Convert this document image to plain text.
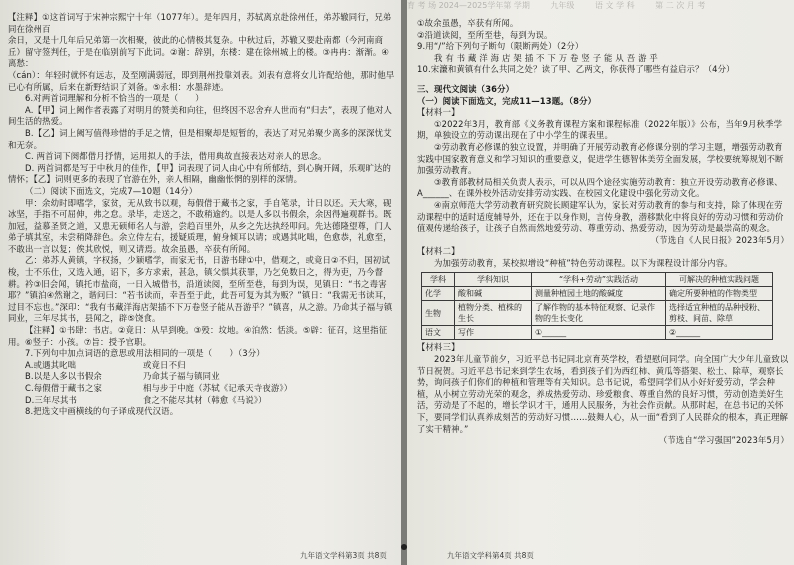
【注释】①这首词写于宋神宗熙宁十年（1077年）。是年四月，苏轼离京赴徐州任，弟苏辙同行，兄弟同在徐州百

余日，又是十几年后兄弟第一次相聚，彼此的心情极其复杂。中秋过后，苏辙又要赴南都（今河南商丘）留守签判任，于是在临别前写下此词。②谢：辞别，东楼：建在徐州城上的楼。③冉冉：渐渐。④离愁：

（cán）：年轻时就怀有远志，及至刚满弱冠，即到荆州投靠刘表。刘表有意将女儿许配给他，那时他早已心有所属，后来在新野结识了刘备。⑤永相：水墨辞迹。

6.对两首词理解和分析不恰当的一项是（　　）

A.【甲】词上阙作者表露了对明月的赞美和向往，但终因不忍舍弃人世而有“归去”，表现了他对人间生活的热爱。

B.【乙】词上阙写值得珍惜的手足之情，但是相聚却是短暂的，表达了对兄弟聚少离多的深深忧艾和无奈。

C. 两首词下阕都借月抒情，运用拟人的手法，借用典故直接表达对亲人的思念。

D. 两首词都是写于中秋月的佳作，【甲】词表现了词人由心中有所郁结，到心胸开阔，乐观旷达的情怀；【乙】词则更多的表现了官游在外，亲人相隔，幽幽怅惘的别样的深情。

（二）阅读下面选文，完成7—10题（14分）

甲：余幼时即嗜学，家贫，无从致书以观，每假借于藏书之家，手自笔录，计日以还。天大寒，砚冰坚，手指不可屈伸，弗之怠。录毕，走送之，不敢稍逾约。以是人多以书假余，余因得遍观群书。既加冠，益慕圣贤之道，又患无硕师名人与游，尝趋百里外，从乡之先达执经叩问。先达德隆望尊，门人弟子填其室，未尝稍降辞色。余立侍左右，援疑质理，俯身倾耳以请；或遇其叱咄，色愈恭，礼愈至，不敢出一言以复；俟其欣悦，则又请焉。故余虽愚，卒获有所闻。

乙：弟苏人黄镇，字权扬，少颖嗜学，而家无书，日游书肆①中，借观之，或竟日②不归，国初试梭，士不乐仕，又选入通，诏下，多方求索，甚急，镇父惧其获罪，乃乞免数日之，得为吏，乃今督耕。衿③旧会闻，镇托市盐商，一日入城借书，沿道读阅，至所至巷，每到为误，见镇日：“书之毒害耶？”镇泊④然谢之，谐问曰：“若书读而，幸吾至于此，此吾可复为其为贩？”镇日：“我需无书读耳，过目不忘也。”深印：“我有书藏洋海店架插不下万卷竖子能从吾游乎？”镇喜，从之游。乃命其子福与镇同业，三年尽其书，县闻之，辟⑤饶食。

【注释】①书肆：书店。②竟日：从早到晚。③殁：坟地。④泊然：恬淡。⑤辟：征召，这里指征用。⑥竖子：小孩。⑦旨：授予官职。

7.下列句中加点词语的意思或用法相同的一项是（　　）（3分）

A.或遇其叱咄	或竟日不归

B.以是人多以书假余	乃命其子福与镇同业

C.每假借于藏书之家	相与步于中庭（苏轼《记承天寺夜游》）

D.三年尽其书	食之不能尽其材（韩愈《马说》）

8.把选文中画横线的句子译成现代汉语。

九年语文学科第3页 共8页
育 考 场 2024—2025学年第 学期	九年级	语 文 学 科	第 二 次 月 考

①故余虽愚，卒获有所闻。

②沿道读阅，至所至巷，每到为误。

9.用“/”给下列句子断句（限断两处）（2分）

我 有 书 藏 洋 海 店 架 插 不 下 万 卷 竖 子 能 从 吾 游 乎

10.宋濂和黄镇有什么共同之处？读了甲、乙两文，你获得了哪些有益启示？（4分）

三、现代文阅读（36分）

（一）阅读下面选文，完成11—13题。（8分）

【材料一】

①2022年3月，教育部《义务教育课程方案和课程标准（2022年版）》公布，当年9月秋季学期，单独设立的劳动课出现在了中小学生的课表里。

②劳动教育必修课的独立设置，并明确了开展劳动教育必修课分别的学习主题，增强劳动教育实践中国家教育意义和学习知识的重要意义，促进学生德智体美劳全面发展，学校要统筹规划不断加强劳动教育。

③教育部教材局相关负责人表示，可以从四个途径实施劳动教育：独立开设劳动教育必修课、A______、在课外校外活动安排劳动实践、在校园文化建设中强化劳动文化。

④南京师范大学劳动教育研究院长顾建军认为，家长对劳动教育的参与和支持，除了体现在劳动课程中的适时适度辅导外，还在于以身作则，言传身教，潜移默化中将良好的劳动习惯和劳动价值观传递给孩子，让孩子自然而然地爱劳动、尊重劳动、热爱劳动，因为劳动是最崇高的观念。

（节选自《人民日报》2023年5月）

【材料二】

为加强劳动教育，某校拟增设“种植”特色劳动课程。以下为课程设计部分内容。

学科	学科知识	“学科+劳动”实践活动	可解决的种植实践问题
化学	酸和碱	测量种植园土地的酸碱度	确定所要种植的作物类型
生物	植物分类、植株的生长	了解作物的基本特征观察、记录作物的生长变化	选择适宜种植的品种授粉、剪枝、间苗、除草
语文	写作	①______	②______

【材料三】

2023年儿童节前夕，习近平总书记同北京育英学校，看望慰问同学。向全国广大少年儿童致以节日祝贺。习近平总书记来到学生农场，看到孩子们为西红柿、黄瓜等搭架、松土、除草，观察长势，询问孩子们你们的种植和管理等有关知识。总书记说，希望同学们从小好好爱劳动，学会种植，从小树立劳动光荣的观念，养成热爱劳动、珍爱粮食、尊重自然的良好习惯，劳动创造美好生活，劳动是了不起的，增长学识才干，通用人民服务，为社会作贡献。从那时起，在总书记的关怀下，要同学们认真养成刻苦的劳动好习惯……鼓舞人心，从一面“看到了人民群众的根本，真正理解了实干精神。”

（节选自“学习强国”2023年5月）

九年语文学科第4页 共8页
